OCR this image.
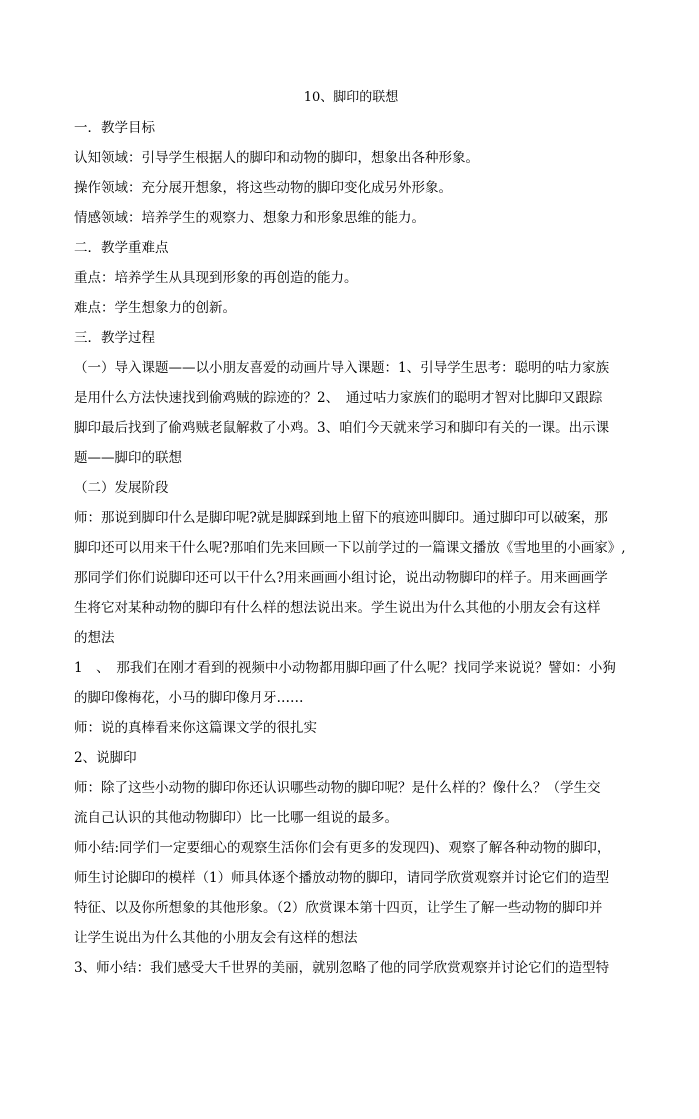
10、脚印的联想
一．教学目标
认知领域：引导学生根据人的脚印和动物的脚印，想象出各种形象。
操作领域：充分展开想象，将这些动物的脚印变化成另外形象。
情感领域：培养学生的观察力、想象力和形象思维的能力。
二．教学重难点
重点：培养学生从具现到形象的再创造的能力。
难点：学生想象力的创新。
三．教学过程
（一）导入课题——以小朋友喜爱的动画片导入课题：1、引导学生思考：聪明的咕力家族
是用什么方法快速找到偷鸡贼的踪迹的？2、　通过咕力家族们的聪明才智对比脚印又跟踪
脚印最后找到了偷鸡贼老鼠解救了小鸡。3、咱们今天就来学习和脚印有关的一课。出示课
题——脚印的联想
（二）发展阶段
师：那说到脚印什么是脚印呢?就是脚踩到地上留下的痕迹叫脚印。通过脚印可以破案，那
脚印还可以用来干什么呢?那咱们先来回顾一下以前学过的一篇课文播放《雪地里的小画家》,
那同学们你们说脚印还可以干什么?用来画画小组讨论，说出动物脚印的样子。用来画画学
生将它对某种动物的脚印有什么样的想法说出来。学生说出为什么其他的小朋友会有这样
的想法
1　、　那我们在刚才看到的视频中小动物都用脚印画了什么呢？找同学来说说？譬如：小狗
的脚印像梅花，小马的脚印像月牙……
师：说的真棒看来你这篇课文学的很扎实
2、说脚印
师：除了这些小动物的脚印你还认识哪些动物的脚印呢？是什么样的？像什么？（学生交
流自己认识的其他动物脚印）比一比哪一组说的最多。
师小结:同学们一定要细心的观察生活你们会有更多的发现四)、观察了解各种动物的脚印，
师生讨论脚印的模样（1）师具体逐个播放动物的脚印，请同学欣赏观察并讨论它们的造型
特征、以及你所想象的其他形象。（2）欣赏课本第十四页，让学生了解一些动物的脚印并
让学生说出为什么其他的小朋友会有这样的想法
3、师小结：我们感受大千世界的美丽，就别忽略了他的同学欣赏观察并讨论它们的造型特
